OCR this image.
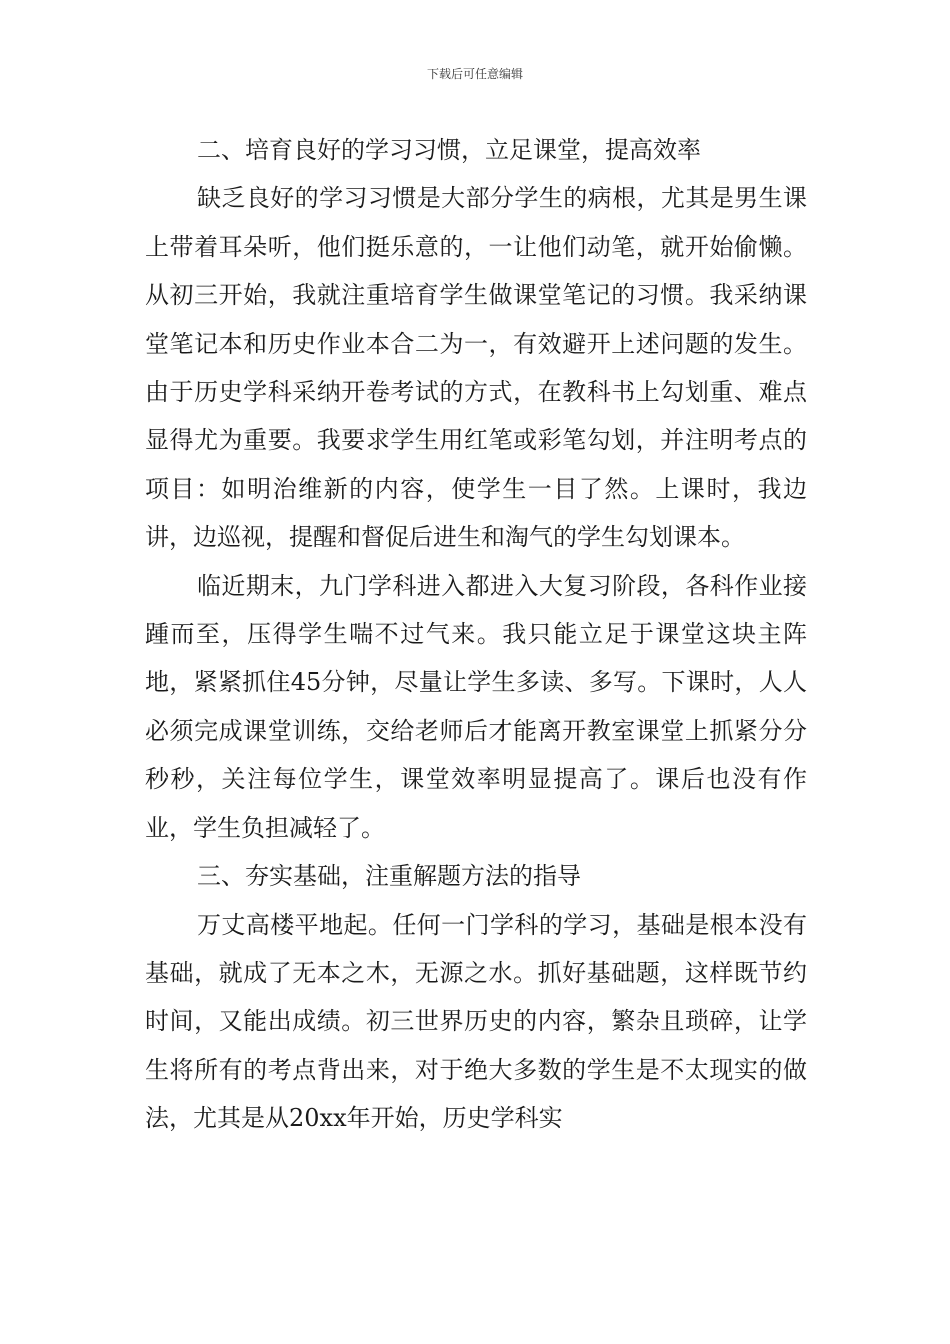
下载后可任意编辑

二、培育良好的学习习惯，立足课堂，提高效率

缺乏良好的学习习惯是大部分学生的病根，尤其是男生课上带着耳朵听，他们挺乐意的，一让他们动笔，就开始偷懒。从初三开始，我就注重培育学生做课堂笔记的习惯。我采纳课堂笔记本和历史作业本合二为一，有效避开上述问题的发生。由于历史学科采纳开卷考试的方式，在教科书上勾划重、难点显得尤为重要。我要求学生用红笔或彩笔勾划，并注明考点的项目：如明治维新的内容，使学生一目了然。上课时，我边讲，边巡视，提醒和督促后进生和淘气的学生勾划课本。

临近期末，九门学科进入都进入大复习阶段，各科作业接踵而至，压得学生喘不过气来。我只能立足于课堂这块主阵地，紧紧抓住45分钟，尽量让学生多读、多写。下课时，人人必须完成课堂训练，交给老师后才能离开教室课堂上抓紧分分秒秒，关注每位学生，课堂效率明显提高了。课后也没有作业，学生负担减轻了。

三、夯实基础，注重解题方法的指导

万丈高楼平地起。任何一门学科的学习，基础是根本没有基础，就成了无本之木，无源之水。抓好基础题，这样既节约时间，又能出成绩。初三世界历史的内容，繁杂且琐碎，让学生将所有的考点背出来，对于绝大多数的学生是不太现实的做法，尤其是从20xx年开始，历史学科实
